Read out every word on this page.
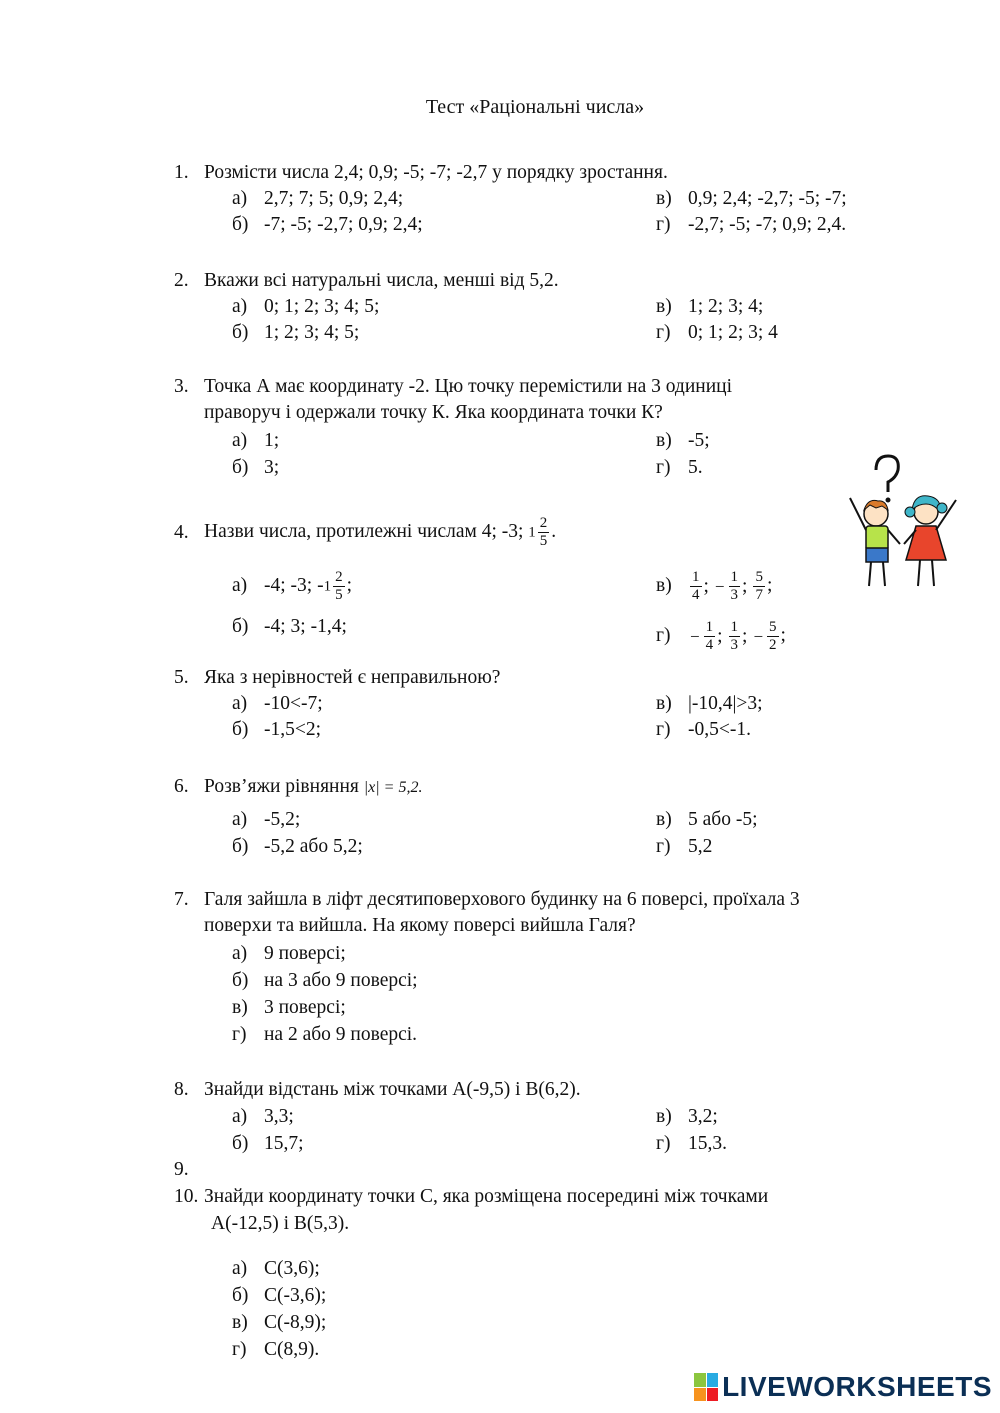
Тест «Раціональні числа»
1. Розмісти числа 2,4; 0,9; -5; -7; -2,7 у порядку зростання.
а) 2,7; 7; 5; 0,9; 2,4;	в) 0,9; 2,4; -2,7; -5; -7;
б) -7; -5; -2,7; 0,9; 2,4;	г) -2,7; -5; -7; 0,9; 2,4.
2. Вкажи всі натуральні числа, менші від 5,2.
а) 0; 1; 2; 3; 4; 5;	в) 1; 2; 3; 4;
б) 1; 2; 3; 4; 5;	г) 0; 1; 2; 3; 4
3. Точка А має координату -2. Цю точку перемістили на 3 одиниці
праворуч і одержали точку К. Яка координата точки К?
а) 1;	в) -5;
б) 3;	г) 5.
4. Назви числа, протилежні числам 4; -3; $1 \frac{2}{5}$ .
а) -4; -3; $-1 \frac{2}{5}$ ;	$в) \frac{1}{4}$ ; − $\frac{1}{3}$ ; $\frac{5}{7}$ ;
б) -4; 3; -1,4;	$г) - \frac{1}{4}$ ; $\frac{1}{3}$ ; − $\frac{5}{2}$ ;
5. Яка з нерівностей є неправильною?
а) -10<-7;	в) |-10,4|>3;
б) -1,5<2;	г) -0,5<-1.
6. Розв’яжи рівняння |x| = 5,2.
а) -5,2;	в) 5 або -5;
б) -5,2 або 5,2;	г) 5,2
7. Галя зайшла в ліфт десятиповерхового будинку на 6 поверсі, проїхала 3
поверхи та вийшла. На якому поверсі вийшла Галя?
а) 9 поверсі;
б) на 3 або 9 поверсі;
в) 3 поверсі;
г) на 2 або 9 поверсі.
8. Знайди відстань між точками А(-9,5) і В(6,2).
а) 3,3;	в) 3,2;
б) 15,7;	г) 15,3.
9.
10. Знайди координату точки С, яка розміщена посередині між точками
А(-12,5) і В(5,3).
а) С(3,6);
б) С(-3,6);
в) С(-8,9);
г) С(8,9).
LIVEWORKSHEETS
